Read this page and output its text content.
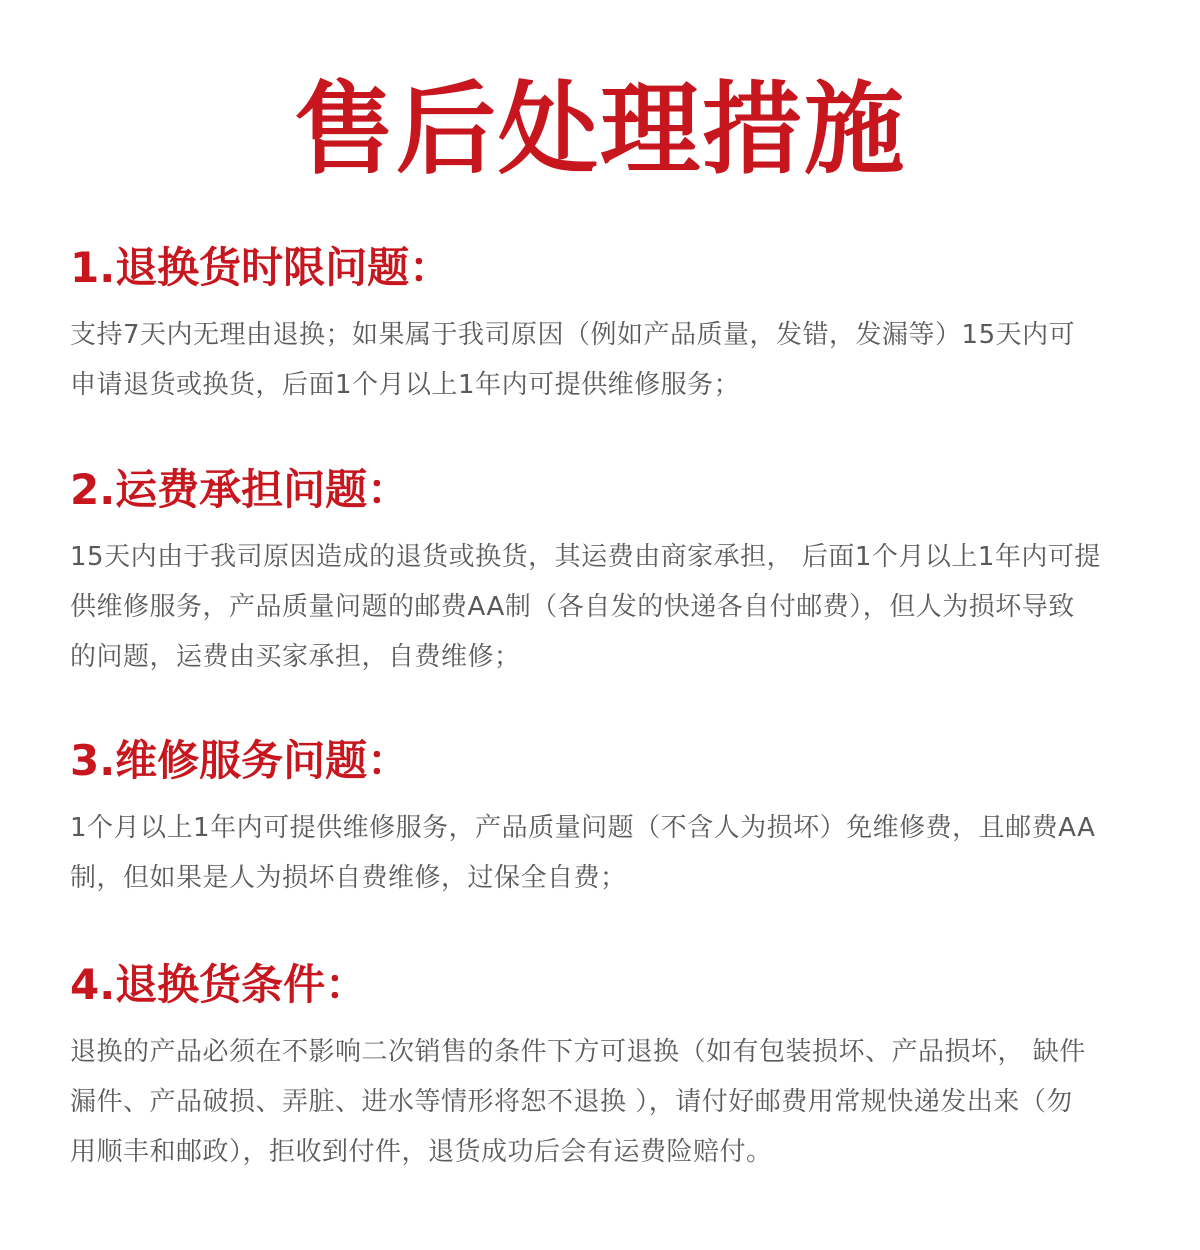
售后处理措施
1.退换货时限问题：

支持7天内无理由退换；如果属于我司原因（例如产品质量，发错，发漏等）15天内可
申请退货或换货，后面1个月以上1年内可提供维修服务；

2.运费承担问题：

15天内由于我司原因造成的退货或换货，其运费由商家承担， 后面1个月以上1年内可提
供维修服务，产品质量问题的邮费AA制（各自发的快递各自付邮费），但人为损坏导致
的问题，运费由买家承担，自费维修；

3.维修服务问题：

1个月以上1年内可提供维修服务，产品质量问题（不含人为损坏）免维修费，且邮费AA
制，但如果是人为损坏自费维修，过保全自费；

4.退换货条件：

退换的产品必须在不影响二次销售的条件下方可退换（如有包装损坏、产品损坏， 缺件
漏件、产品破损、弄脏、进水等情形将恕不退换 ），请付好邮费用常规快递发出来（勿
用顺丰和邮政），拒收到付件，退货成功后会有运费险赔付。
